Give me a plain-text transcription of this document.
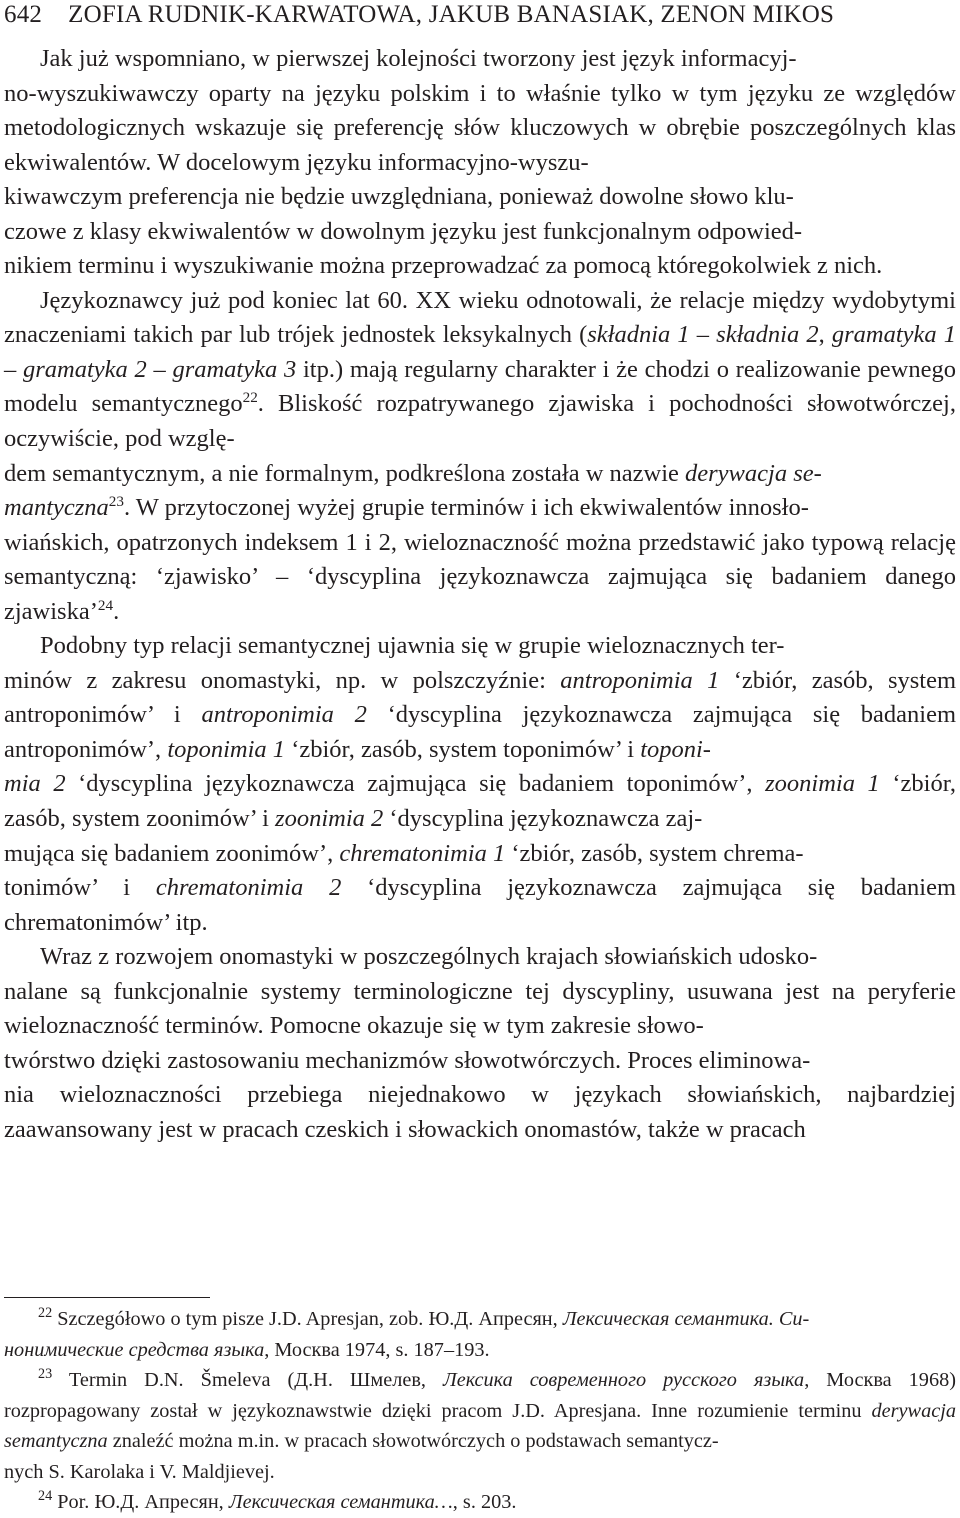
642 ZOFIA RUDNIK-KARWATOWA, JAKUB BANASIAK, ZENON MIKOS

Jak już wspomniano, w pierwszej kolejności tworzony jest język informacyj-
no-wyszukiwawczy oparty na języku polskim i to właśnie tylko w tym języku ze względów metodologicznych wskazuje się preferencję słów kluczowych w obrębie poszczególnych klas ekwiwalentów. W docelowym języku informacyjno-wyszu-
kiwawczym preferencja nie będzie uwzględniana, ponieważ dowolne słowo klu-
czowe z klasy ekwiwalentów w dowolnym języku jest funkcjonalnym odpowied-
nikiem terminu i wyszukiwanie można przeprowadzać za pomocą któregokolwiek z nich.

Językoznawcy już pod koniec lat 60. XX wieku odnotowali, że relacje między wydobytymi znaczeniami takich par lub trójek jednostek leksykalnych (składnia 1 – składnia 2, gramatyka 1 – gramatyka 2 – gramatyka 3 itp.) mają regularny charakter i że chodzi o realizowanie pewnego modelu semantycznego$^{22}$. Bliskość rozpatrywanego zjawiska i pochodności słowotwórczej, oczywiście, pod wzglę-
dem semantycznym, a nie formalnym, podkreślona została w nazwie derywacja se-
mantyczna$^{23}$. W przytoczonej wyżej grupie terminów i ich ekwiwalentów innosło-
wiańskich, opatrzonych indeksem 1 i 2, wieloznaczność można przedstawić jako typową relację semantyczną: ‘zjawisko’ – ‘dyscyplina językoznawcza zajmująca się badaniem danego zjawiska’$^{24}$.

Podobny typ relacji semantycznej ujawnia się w grupie wieloznacznych ter-
minów z zakresu onomastyki, np. w polszczyźnie: antroponimia 1 ‘zbiór, zasób, system antroponimów’ i antroponimia 2 ‘dyscyplina językoznawcza zajmująca się badaniem antroponimów’, toponimia 1 ‘zbiór, zasób, system toponimów’ i toponi-
mia 2 ‘dyscyplina językoznawcza zajmująca się badaniem toponimów’, zoonimia 1 ‘zbiór, zasób, system zoonimów’ i zoonimia 2 ‘dyscyplina językoznawcza zaj-
mująca się badaniem zoonimów’, chrematonimia 1 ‘zbiór, zasób, system chrema-
tonimów’ i chrematonimia 2 ‘dyscyplina językoznawcza zajmująca się badaniem chrematonimów’ itp.

Wraz z rozwojem onomastyki w poszczególnych krajach słowiańskich udosko-
nalane są funkcjonalnie systemy terminologiczne tej dyscypliny, usuwana jest na peryferie wieloznaczność terminów. Pomocne okazuje się w tym zakresie słowo-
twórstwo dzięki zastosowaniu mechanizmów słowotwórczych. Proces eliminowa-
nia wieloznaczności przebiega niejednakowo w językach słowiańskich, najbardziej zaawansowany jest w pracach czeskich i słowackich onomastów, także w pracach

$^{22}$ Szczegółowo o tym pisze J.D. Apresjan, zob. Ю.Д. Апресян, Лексическая семантика. Си-
нонимические средства языка, Москва 1974, s. 187–193.

$^{23}$ Termin D.N. Šmeleva (Д.Н. Шмелев, Лексика современного русского языка, Москва 1968) rozpropagowany został w językoznawstwie dzięki pracom J.D. Apresjana. Inne rozumienie terminu derywacja semantyczna znaleźć można m.in. w pracach słowotwórczych o podstawach semantycz-
nych S. Karolaka i V. Maldjievej.

$^{24}$ Por. Ю.Д. Апресян, Лексическая семантика…, s. 203.
